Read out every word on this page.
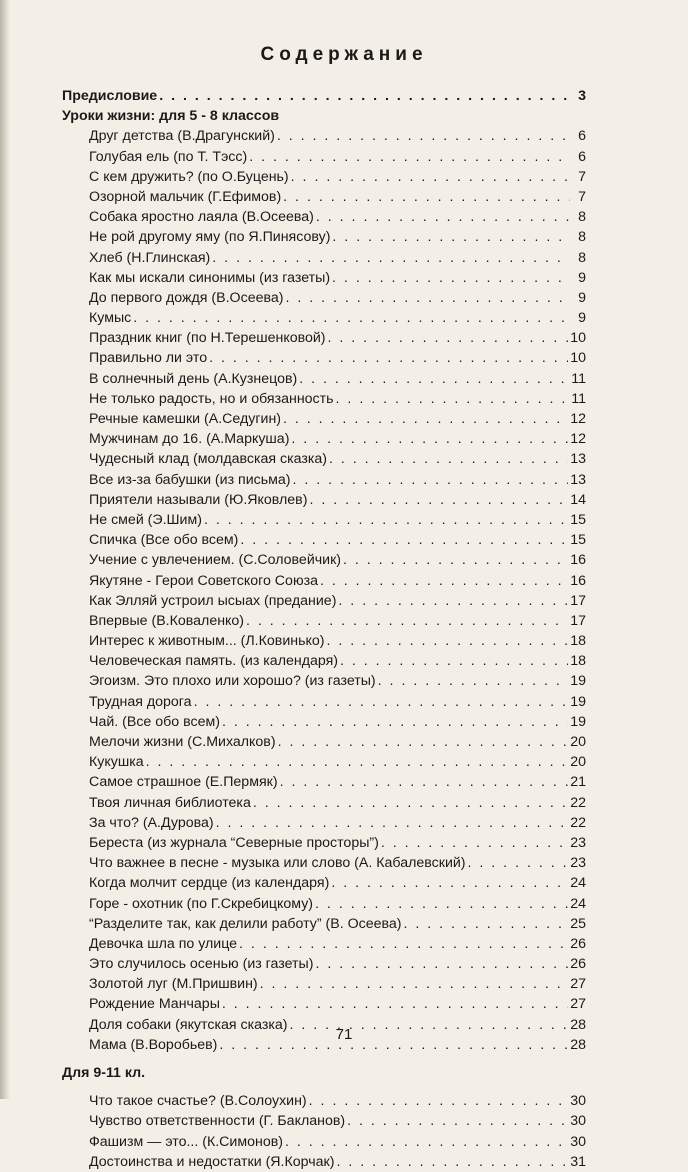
Содержание
Предисловие . . .	3
Уроки жизни: для 5 - 8 классов
Друг детства (В.Драгунский) . . .	6
Голубая ель (по Т. Тэсс) . . .	6
С кем дружить? (по О.Буцень) . . .	7
Озорной мальчик (Г.Ефимов) . . .	7
Собака яростно лаяла (В.Осеева) . . .	8
Не рой другому яму (по Я.Пинясову) . . .	8
Хлеб (Н.Глинская) . . .	8
Как мы искали синонимы (из газеты) . . .	9
До первого дождя (В.Осеева) . . .	9
Кумыс . . .	9
Праздник книг (по Н.Терешенковой) . . .	10
Правильно ли это . . .	10
В солнечный день (А.Кузнецов) . . .	11
Не только радость, но и обязанность . . .	11
Речные камешки (А.Седугин) . . .	12
Мужчинам до 16. (А.Маркуша) . . .	12
Чудесный клад (молдавская сказка) . . .	13
Все из-за бабушки (из письма) . . .	13
Приятели называли (Ю.Яковлев) . . .	14
Не смей (Э.Шим) . . .	15
Спичка (Все обо всем) . . .	15
Учение с увлечением. (С.Соловейчик) . . .	16
Якутяне - Герои Советского Союза . . .	16
Как Элляй устроил ысыах (предание) . . .	17
Впервые (В.Коваленко) . . .	17
Интерес к животным... (Л.Ковинько) . . .	18
Человеческая память. (из календаря) . . .	18
Эгоизм. Это плохо или хорошо? (из газеты) . . .	19
Трудная дорога . . .	19
Чай. (Все обо всем) . . .	19
Мелочи жизни (С.Михалков) . . .	20
Кукушка . . .	20
Самое страшное (Е.Пермяк) . . .	21
Твоя личная библиотека . . .	22
За что? (А.Дурова) . . .	22
Береста (из журнала “Северные просторы”) . . .	23
Что важнее в песне - музыка или слово (А. Кабалевский) . . .	23
Когда молчит сердце (из календаря) . . .	24
Горе - охотник (по Г.Скребицкому) . . .	24
“Разделите так, как делили работу” (В. Осеева) . . .	25
Девочка шла по улице . . .	26
Это случилось осенью (из газеты) . . .	26
Золотой луг (М.Пришвин) . . .	27
Рождение Манчары . . .	27
Доля собаки (якутская сказка) . . .	28
Мама (В.Воробьев) . . .	28
Для 9-11 кл.
Что такое счастье? (В.Солоухин) . . .	30
Чувство ответственности (Г. Бакланов) . . .	30
Фашизм — это... (К.Симонов) . . .	30
Достоинства и недостатки (Я.Корчак) . . .	31
71
